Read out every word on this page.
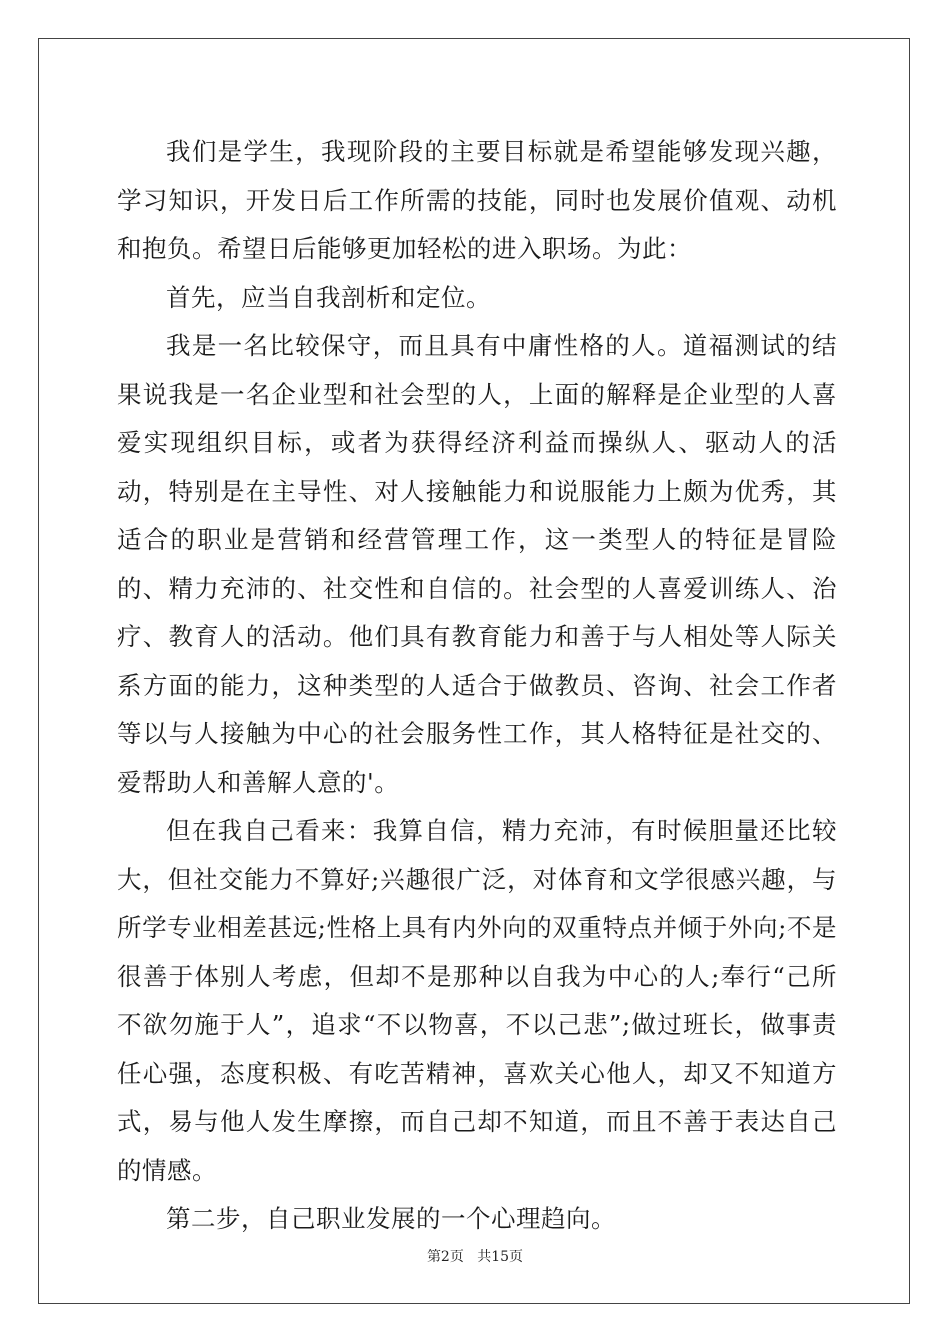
我们是学生，我现阶段的主要目标就是希望能够发现兴趣，学习知识，开发日后工作所需的技能，同时也发展价值观、动机和抱负。希望日后能够更加轻松的进入职场。为此：

首先，应当自我剖析和定位。

我是一名比较保守，而且具有中庸性格的人。道福测试的结果说我是一名企业型和社会型的人，上面的解释是企业型的人喜爱实现组织目标，或者为获得经济利益而操纵人、驱动人的活动，特别是在主导性、对人接触能力和说服能力上颇为优秀，其适合的职业是营销和经营管理工作，这一类型人的特征是冒险的、精力充沛的、社交性和自信的。社会型的人喜爱训练人、治疗、教育人的活动。他们具有教育能力和善于与人相处等人际关系方面的能力，这种类型的人适合于做教员、咨询、社会工作者等以与人接触为中心的社会服务性工作，其人格特征是社交的、爱帮助人和善解人意的'。

但在我自己看来：我算自信，精力充沛，有时候胆量还比较大，但社交能力不算好;兴趣很广泛，对体育和文学很感兴趣，与所学专业相差甚远;性格上具有内外向的双重特点并倾于外向;不是很善于体别人考虑，但却不是那种以自我为中心的人;奉行“己所不欲勿施于人”，追求“不以物喜，不以己悲”;做过班长，做事责任心强，态度积极、有吃苦精神，喜欢关心他人，却又不知道方式，易与他人发生摩擦，而自己却不知道，而且不善于表达自己的情感。

第二步，自己职业发展的一个心理趋向。

第2页 共15页
